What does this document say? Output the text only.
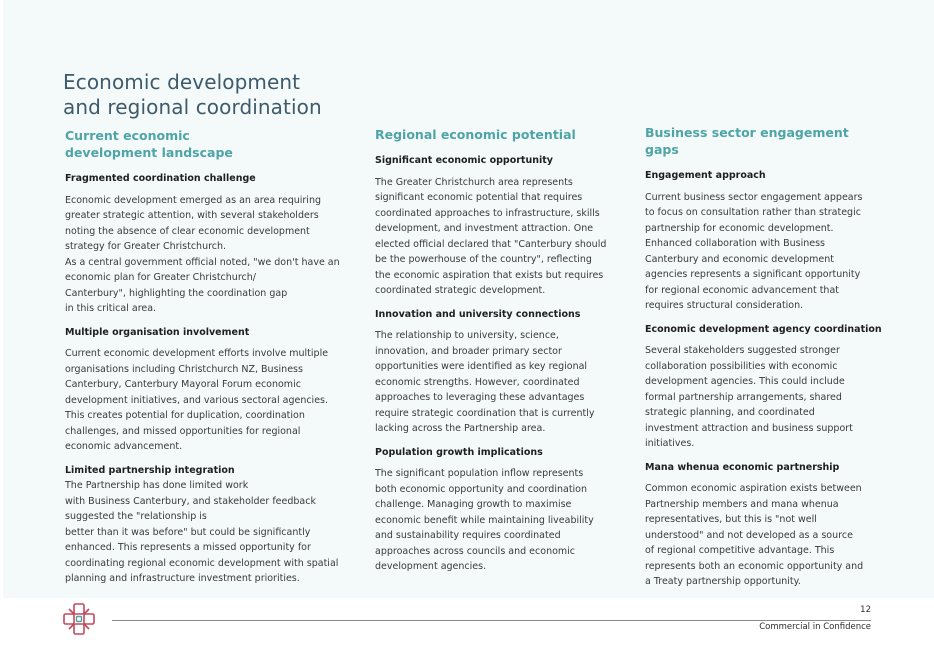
Economic development
and regional coordination
Current economic
development landscape
Fragmented coordination challenge

Economic development emerged as an area requiring
greater strategic attention, with several stakeholders
noting the absence of clear economic development
strategy for Greater Christchurch.
As a central government official noted, "we don't have an
economic plan for Greater Christchurch/
Canterbury", highlighting the coordination gap
in this critical area.

Multiple organisation involvement

Current economic development efforts involve multiple
organisations including Christchurch NZ, Business
Canterbury, Canterbury Mayoral Forum economic
development initiatives, and various sectoral agencies.
This creates potential for duplication, coordination
challenges, and missed opportunities for regional
economic advancement.

Limited partnership integration

The Partnership has done limited work
with Business Canterbury, and stakeholder feedback
suggested the "relationship is
better than it was before" but could be significantly
enhanced. This represents a missed opportunity for
coordinating regional economic development with spatial
planning and infrastructure investment priorities.

Regional economic potential
Significant economic opportunity

The Greater Christchurch area represents
significant economic potential that requires
coordinated approaches to infrastructure, skills
development, and investment attraction. One
elected official declared that "Canterbury should
be the powerhouse of the country", reflecting
the economic aspiration that exists but requires
coordinated strategic development.

Innovation and university connections

The relationship to university, science,
innovation, and broader primary sector
opportunities were identified as key regional
economic strengths. However, coordinated
approaches to leveraging these advantages
require strategic coordination that is currently
lacking across the Partnership area.

Population growth implications

The significant population inflow represents
both economic opportunity and coordination
challenge. Managing growth to maximise
economic benefit while maintaining liveability
and sustainability requires coordinated
approaches across councils and economic
development agencies.

Business sector engagement gaps
Engagement approach

Current business sector engagement appears
to focus on consultation rather than strategic
partnership for economic development.
Enhanced collaboration with Business
Canterbury and economic development
agencies represents a significant opportunity
for regional economic advancement that
requires structural consideration.

Economic development agency coordination

Several stakeholders suggested stronger
collaboration possibilities with economic
development agencies. This could include
formal partnership arrangements, shared
strategic planning, and coordinated
investment attraction and business support
initiatives.

Mana whenua economic partnership

Common economic aspiration exists between
Partnership members and mana whenua
representatives, but this is "not well
understood" and not developed as a source
of regional competitive advantage. This
represents both an economic opportunity and
a Treaty partnership opportunity.

12
Commercial in Confidence
